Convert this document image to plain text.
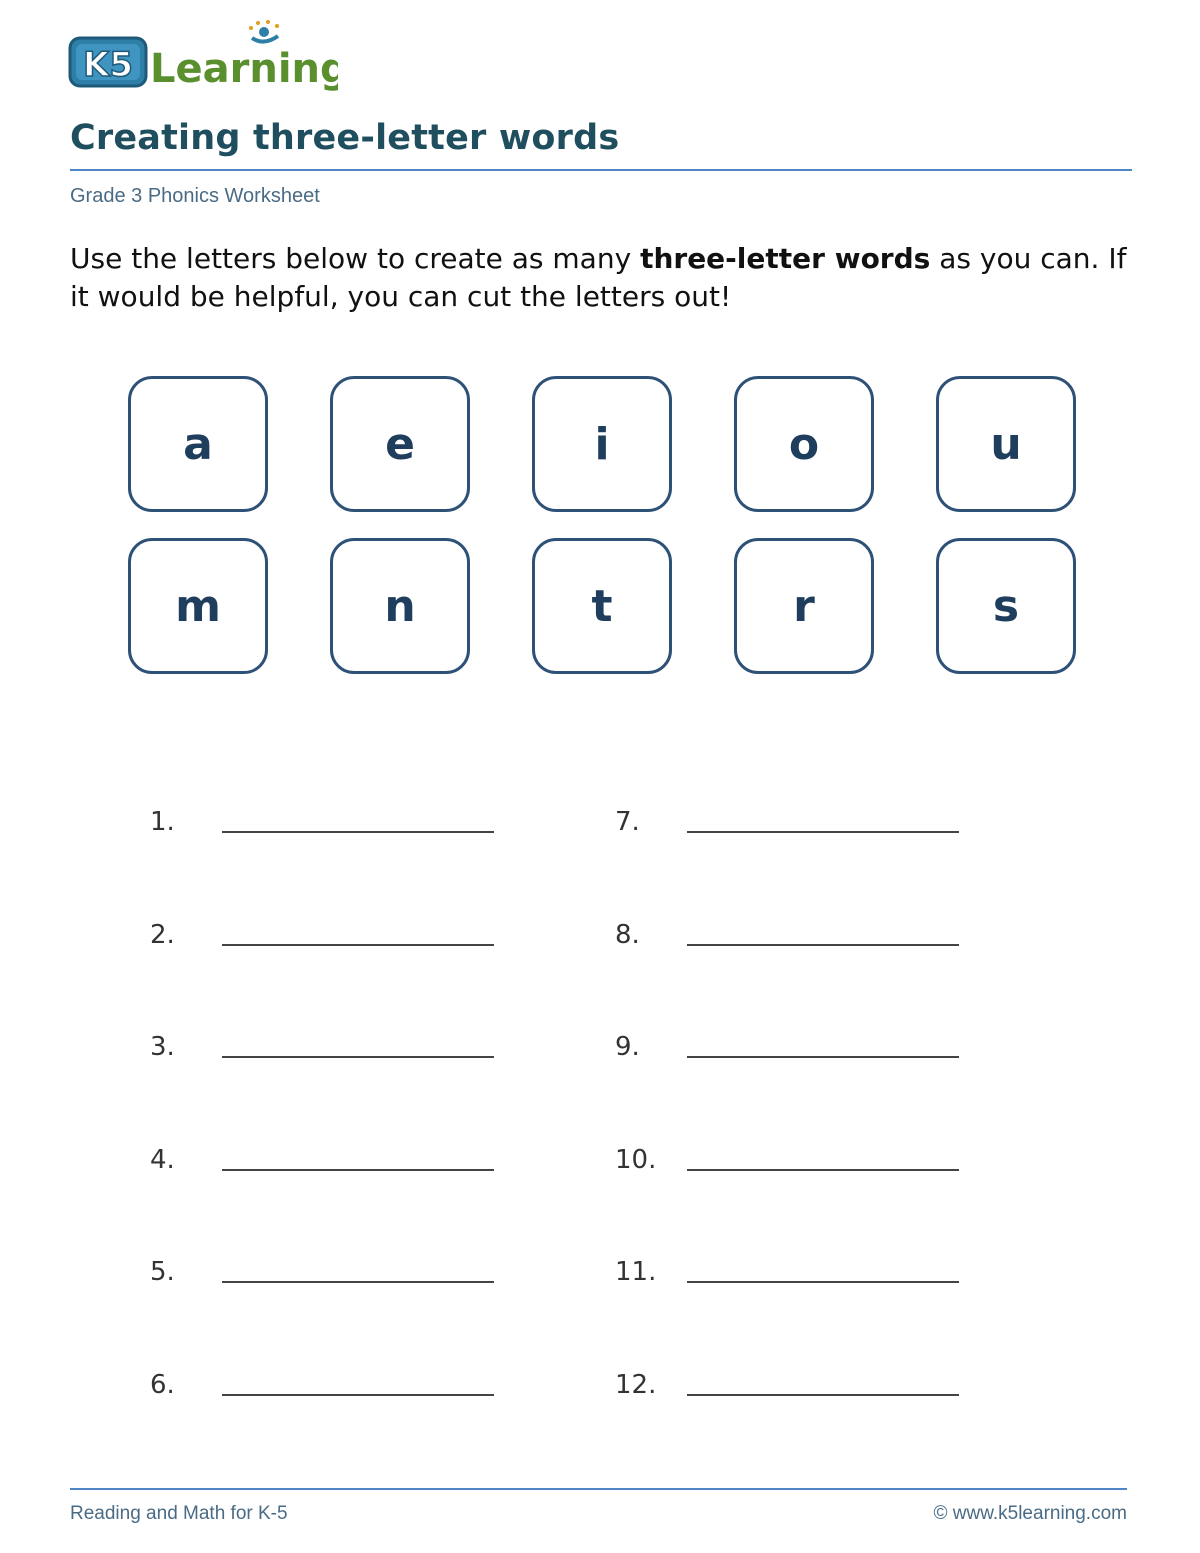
K5 Learning
Creating three-letter words
Grade 3 Phonics Worksheet

Use the letters below to create as many three-letter words as you can. If it would be helpful, you can cut the letters out!

a	e	i	o	u
m	n	t	r	s
1.
2.
3.
4.
5.
6.
7.
8.
9.
10.
11.
12.
Reading and Math for K-5	© www.k5learning.com
